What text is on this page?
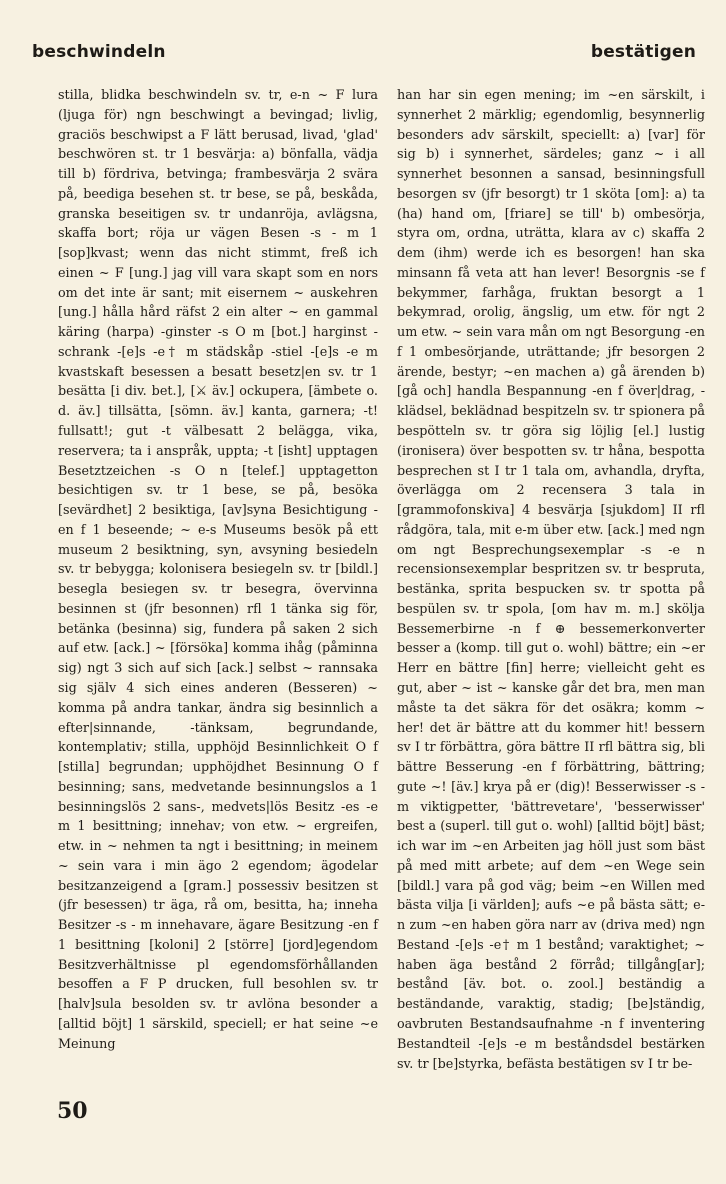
beschwindeln	bestätigen

stilla, blidka beschwindeln sv. tr, e-n ~ F lura (ljuga för) ngn beschwingt a bevingad; livlig, graciös beschwipst a F lätt berusad, livad, 'glad' beschwören st. tr 1 besvärja: a) bönfalla, vädja till b) fördriva, betvinga; frambesvärja 2 svära på, beediga besehen st. tr bese, se på, beskåda, granska beseitigen sv. tr undanröja, avlägsna, skaffa bort; röja ur vägen Besen -s - m 1 [sop]kvast; wenn das nicht stimmt, freß ich einen ~ F [ung.] jag vill vara skapt som en nors om det inte är sant; mit eisernem ~ auskehren [ung.] hålla hård räfst 2 ein alter ~ en gammal käring (harpa) -ginster -s O m [bot.] harginst -schrank -[e]s -e† m städskåp -stiel -[e]s -e m kvastskaft besessen a besatt besetz|en sv. tr 1 besätta [i div. bet.], [⚔ äv.] ockupera, [ämbete o. d. äv.] tillsätta, [sömn. äv.] kanta, garnera; -t! fullsatt!; gut -t välbesatt 2 belägga, vika, reservera; ta i anspråk, uppta; -t [isht] upptagen Besetztzeichen -s O n [telef.] upptagetton besichtigen sv. tr 1 bese, se på, besöka [sevärdhet] 2 besiktiga, [av]syna Besichtigung -en f 1 beseende; ~ e-s Museums besök på ett museum 2 besiktning, syn, avsyning besiedeln sv. tr bebygga; kolonisera besiegeln sv. tr [bildl.] besegla besiegen sv. tr besegra, övervinna besinnen st (jfr besonnen) rfl 1 tänka sig för, betänka (besinna) sig, fundera på saken 2 sich auf etw. [ack.] ~ [försöka] komma ihåg (påminna sig) ngt 3 sich auf sich [ack.] selbst ~ rannsaka sig själv 4 sich eines anderen (Besseren) ~ komma på andra tankar, ändra sig besinnlich a efter|sinnande, -tänksam, begrundande, kontemplativ; stilla, upphöjd Besinnlichkeit O f [stilla] begrundan; upphöjdhet Besinnung O f besinning; sans, medvetande besinnungslos a 1 besinningslös 2 sans-, medvets|lös Besitz -es -e m 1 besittning; innehav; von etw. ~ ergreifen, etw. in ~ nehmen ta ngt i besittning; in meinem ~ sein vara i min ägo 2 egendom; ägodelar besitzanzeigend a [gram.] possessiv besitzen st (jfr besessen) tr äga, rå om, besitta, ha; inneha Besitzer -s - m innehavare, ägare Besitzung -en f 1 besittning [koloni] 2 [större] [jord]egendom Besitzverhältnisse pl egendomsförhållanden besoffen a F P drucken, full besohlen sv. tr [halv]sula besolden sv. tr avlöna besonder a [alltid böjt] 1 särskild, speciell; er hat seine ~e Meinung

han har sin egen mening; im ~en särskilt, i synnerhet 2 märklig; egendomlig, besynnerlig besonders adv särskilt, speciellt: a) [var] för sig b) i synnerhet, särdeles; ganz ~ i all synnerhet besonnen a sansad, besinningsfull besorgen sv (jfr besorgt) tr 1 sköta [om]: a) ta (ha) hand om, [friare] se till' b) ombesörja, styra om, ordna, uträtta, klara av c) skaffa 2 dem (ihm) werde ich es besorgen! han ska minsann få veta att han lever! Besorgnis -se f bekymmer, farhåga, fruktan besorgt a 1 bekymrad, orolig, ängslig, um etw. för ngt 2 um etw. ~ sein vara mån om ngt Besorgung -en f 1 ombesörjande, uträttande; jfr besorgen 2 ärende, bestyr; ~en machen a) gå ärenden b) [gå och] handla Bespannung -en f över|drag, -klädsel, beklädnad bespitzeln sv. tr spionera på bespötteln sv. tr göra sig löjlig [el.] lustig (ironisera) över bespotten sv. tr håna, bespotta besprechen st I tr 1 tala om, avhandla, dryfta, överlägga om 2 recensera 3 tala in [grammofonskiva] 4 besvärja [sjukdom] II rfl rådgöra, tala, mit e-m über etw. [ack.] med ngn om ngt Besprechungsexemplar -s -e n recensionsexemplar bespritzen sv. tr bespruta, bestänka, sprita bespucken sv. tr spotta på bespülen sv. tr spola, [om hav m. m.] skölja Bessemerbirne -n f ⊕ bessemerkonverter besser a (komp. till gut o. wohl) bättre; ein ~er Herr en bättre [fin] herre; vielleicht geht es gut, aber ~ ist ~ kanske går det bra, men man måste ta det säkra för det osäkra; komm ~ her! det är bättre att du kommer hit! bessern sv I tr förbättra, göra bättre II rfl bättra sig, bli bättre Besserung -en f förbättring, bättring; gute ~! [äv.] krya på er (dig)! Besserwisser -s - m viktigpetter, 'bättrevetare', 'besserwisser' best a (superl. till gut o. wohl) [alltid böjt] bäst; ich war im ~en Arbeiten jag höll just som bäst på med mitt arbete; auf dem ~en Wege sein [bildl.] vara på god väg; beim ~en Willen med bästa vilja [i världen]; aufs ~e på bästa sätt; e-n zum ~en haben göra narr av (driva med) ngn Bestand -[e]s -e† m 1 bestånd; varaktighet; ~ haben äga bestånd 2 förråd; tillgång[ar]; bestånd [äv. bot. o. zool.] beständig a beständande, varaktig, stadig; [be]ständig, oavbruten Bestandsaufnahme -n f inventering Bestandteil -[e]s -e m beståndsdel bestärken sv. tr [be]styrka, befästa bestätigen sv I tr be-

50
